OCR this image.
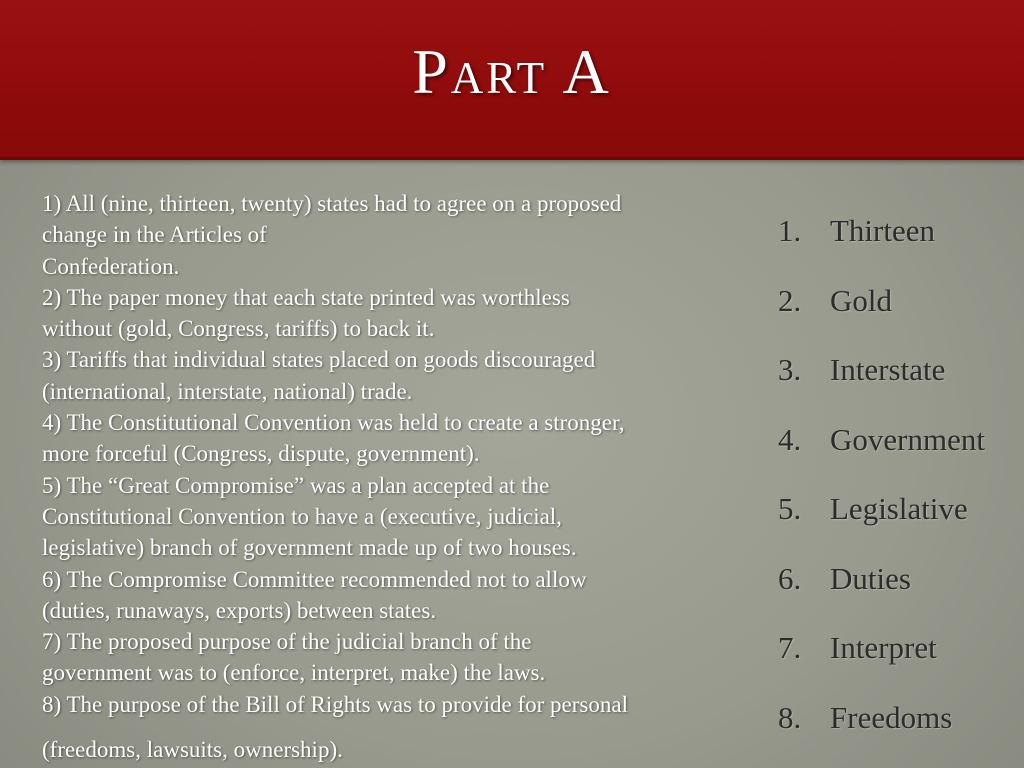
Part A
1) All (nine, thirteen, twenty) states had to agree on a proposed
change in the Articles of
Confederation.
2) The paper money that each state printed was worthless
without (gold, Congress, tariffs) to back it.
3) Tariffs that individual states placed on goods discouraged
(international, interstate, national) trade.
4) The Constitutional Convention was held to create a stronger,
more forceful (Congress, dispute, government).
5) The “Great Compromise” was a plan accepted at the
Constitutional Convention to have a (executive, judicial,
legislative) branch of government made up of two houses.
6) The Compromise Committee recommended not to allow
(duties, runaways, exports) between states.
7) The proposed purpose of the judicial branch of the
government was to (enforce, interpret, make) the laws.
8) The purpose of the Bill of Rights was to provide for personal
(freedoms, lawsuits, ownership).
1. Thirteen
2. Gold
3. Interstate
4. Government
5. Legislative
6. Duties
7. Interpret
8. Freedoms
